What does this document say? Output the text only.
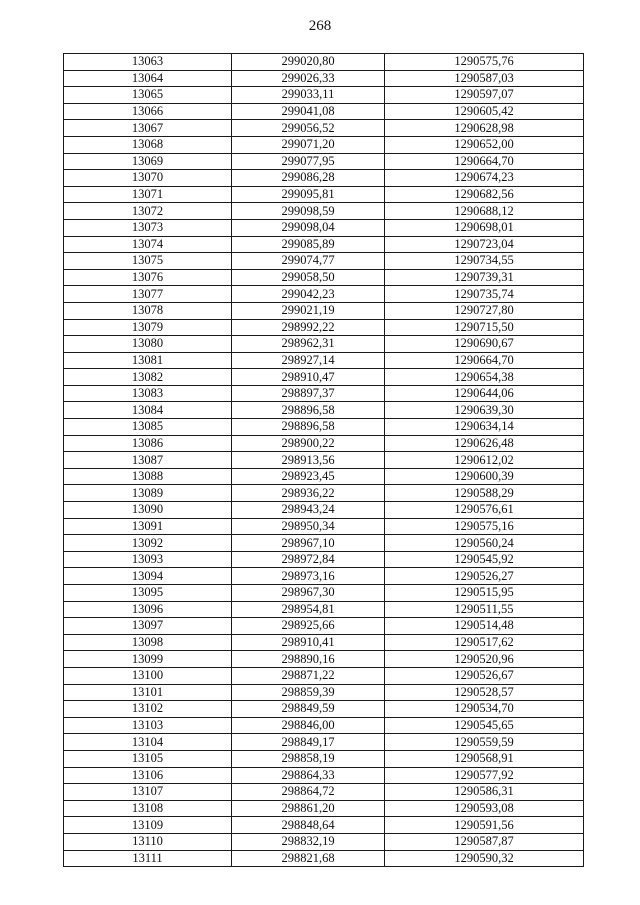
268
13063	299020,80	1290575,76
13064	299026,33	1290587,03
13065	299033,11	1290597,07
13066	299041,08	1290605,42
13067	299056,52	1290628,98
13068	299071,20	1290652,00
13069	299077,95	1290664,70
13070	299086,28	1290674,23
13071	299095,81	1290682,56
13072	299098,59	1290688,12
13073	299098,04	1290698,01
13074	299085,89	1290723,04
13075	299074,77	1290734,55
13076	299058,50	1290739,31
13077	299042,23	1290735,74
13078	299021,19	1290727,80
13079	298992,22	1290715,50
13080	298962,31	1290690,67
13081	298927,14	1290664,70
13082	298910,47	1290654,38
13083	298897,37	1290644,06
13084	298896,58	1290639,30
13085	298896,58	1290634,14
13086	298900,22	1290626,48
13087	298913,56	1290612,02
13088	298923,45	1290600,39
13089	298936,22	1290588,29
13090	298943,24	1290576,61
13091	298950,34	1290575,16
13092	298967,10	1290560,24
13093	298972,84	1290545,92
13094	298973,16	1290526,27
13095	298967,30	1290515,95
13096	298954,81	1290511,55
13097	298925,66	1290514,48
13098	298910,41	1290517,62
13099	298890,16	1290520,96
13100	298871,22	1290526,67
13101	298859,39	1290528,57
13102	298849,59	1290534,70
13103	298846,00	1290545,65
13104	298849,17	1290559,59
13105	298858,19	1290568,91
13106	298864,33	1290577,92
13107	298864,72	1290586,31
13108	298861,20	1290593,08
13109	298848,64	1290591,56
13110	298832,19	1290587,87
13111	298821,68	1290590,32
